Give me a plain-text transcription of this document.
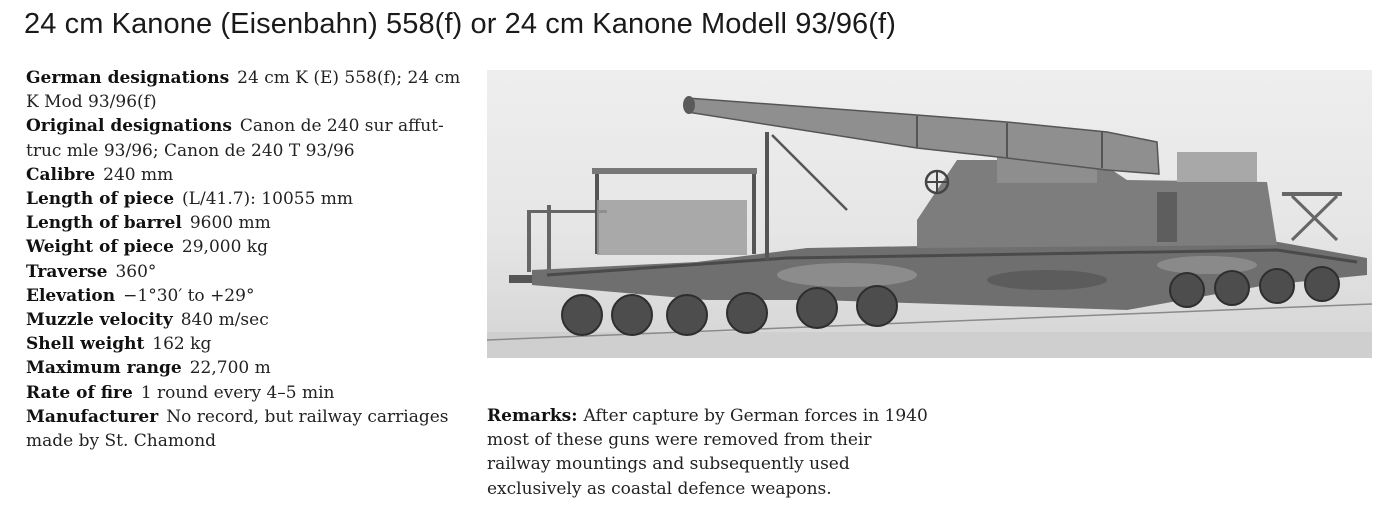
24 cm Kanone (Eisenbahn) 558(f) or 24 cm Kanone Modell 93/96(f)
German designations 24 cm K (E) 558(f); 24 cm K Mod 93/96(f)
Original designations Canon de 240 sur affut-truc mle 93/96; Canon de 240 T 93/96
Calibre 240 mm
Length of piece (L/41.7): 10055 mm
Length of barrel 9600 mm
Weight of piece 29,000 kg
Traverse 360°
Elevation −1°30′ to +29°
Muzzle velocity 840 m/sec
Shell weight 162 kg
Maximum range 22,700 m
Rate of fire 1 round every 4–5 min
Manufacturer No record, but railway carriages made by St. Chamond
Remarks: After capture by German forces in 1940 most of these guns were removed from their railway mountings and subsequently used exclusively as coastal defence weapons.
